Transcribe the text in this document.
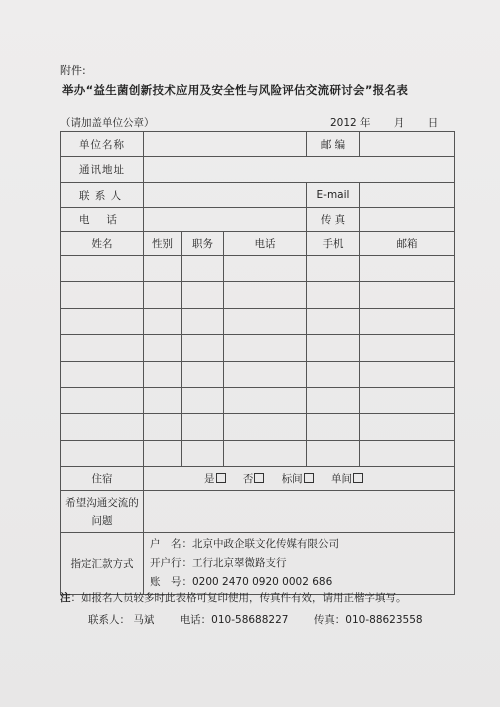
附件:
举办“益生菌创新技术应用及安全性与风险评估交流研讨会”报名表
（请加盖单位公章）	2012 年 月 日
单位名称				邮 编	
通讯地址					
联 系 人				E-mail	
电　 话				传 真	
姓名	性别	职务	电话	手机	邮箱

住宿	是 否 标间 单间				
希望沟通交流的问题					
指定汇款方式	户　名：北京中政企联文化传媒有限公司
开户行：工行北京翠微路支行
账　号：0200 2470 0920 0002 686				
注：如报名人员较多时此表格可复印使用，传真件有效，请用正楷字填写。
联系人： 马斌 电话：010-58688227 传真：010-88623558
